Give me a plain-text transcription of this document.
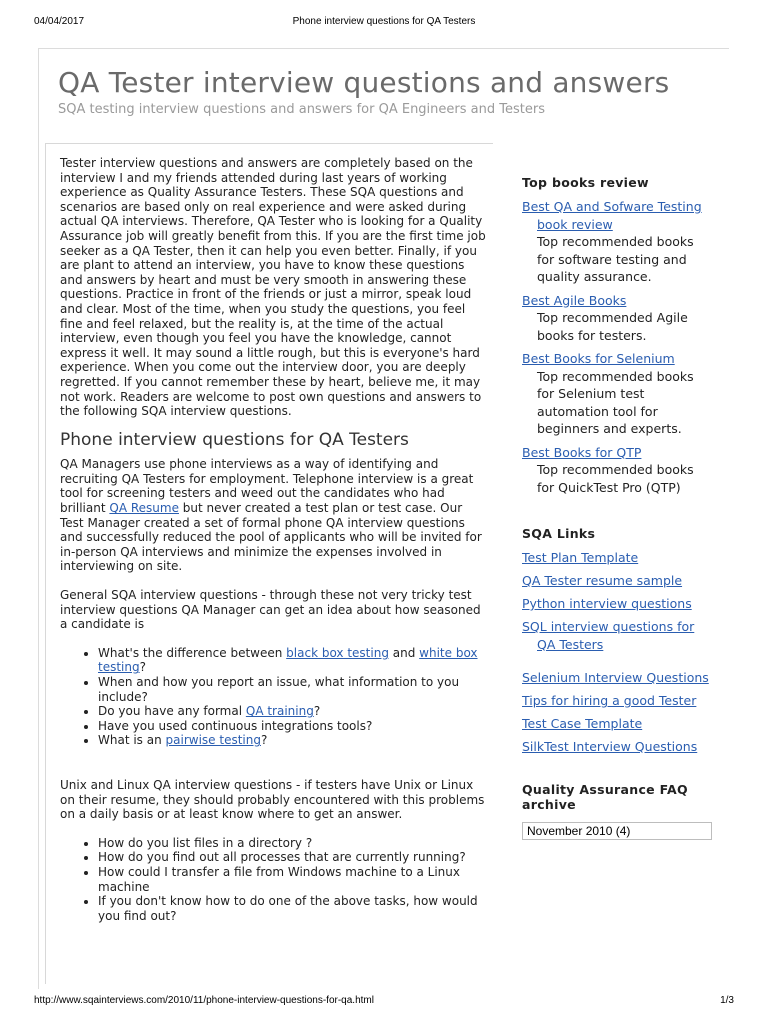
04/04/2017	Phone interview questions for QA Testers
QA Tester interview questions and answers
SQA testing interview questions and answers for QA Engineers and Testers

Tester interview questions and answers are completely based on the interview I and my friends attended during last years of working experience as Quality Assurance Testers. These SQA questions and scenarios are based only on real experience and were asked during actual QA interviews. Therefore, QA Tester who is looking for a Quality Assurance job will greatly benefit from this. If you are the first time job seeker as a QA Tester, then it can help you even better. Finally, if you are plant to attend an interview, you have to know these questions and answers by heart and must be very smooth in answering these questions. Practice in front of the friends or just a mirror, speak loud and clear. Most of the time, when you study the questions, you feel fine and feel relaxed, but the reality is, at the time of the actual interview, even though you feel you have the knowledge, cannot express it well. It may sound a little rough, but this is everyone's hard experience. When you come out the interview door, you are deeply regretted. If you cannot remember these by heart, believe me, it may not work. Readers are welcome to post own questions and answers to the following SQA interview questions.

Phone interview questions for QA Testers

QA Managers use phone interviews as a way of identifying and recruiting QA Testers for employment. Telephone interview is a great tool for screening testers and weed out the candidates who had brilliant QA Resume but never created a test plan or test case. Our Test Manager created a set of formal phone QA interview questions and successfully reduced the pool of applicants who will be invited for in-person QA interviews and minimize the expenses involved in interviewing on site.

General SQA interview questions - through these not very tricky test interview questions QA Manager can get an idea about how seasoned a candidate is

• What's the difference between black box testing and white box testing?
• When and how you report an issue, what information to you include?
• Do you have any formal QA training?
• Have you used continuous integrations tools?
• What is an pairwise testing?

Unix and Linux QA interview questions - if testers have Unix or Linux on their resume, they should probably encountered with this problems on a daily basis or at least know where to get an answer.

• How do you list files in a directory ?
• How do you find out all processes that are currently running?
• How could I transfer a file from Windows machine to a Linux machine
• If you don't know how to do one of the above tasks, how would you find out?
Top books review
Best QA and Sofware Testing book review
Top recommended books for software testing and quality assurance.
Best Agile Books
Top recommended Agile books for testers.
Best Books for Selenium
Top recommended books for Selenium test automation tool for beginners and experts.
Best Books for QTP
Top recommended books for QuickTest Pro (QTP)
SQA Links
Test Plan Template
QA Tester resume sample
Python interview questions
SQL interview questions for QA Testers
Selenium Interview Questions
Tips for hiring a good Tester
Test Case Template
SilkTest Interview Questions
Quality Assurance FAQ archive
November 2010 (4)
http://www.sqainterviews.com/2010/11/phone-interview-questions-for-qa.html	1/3
